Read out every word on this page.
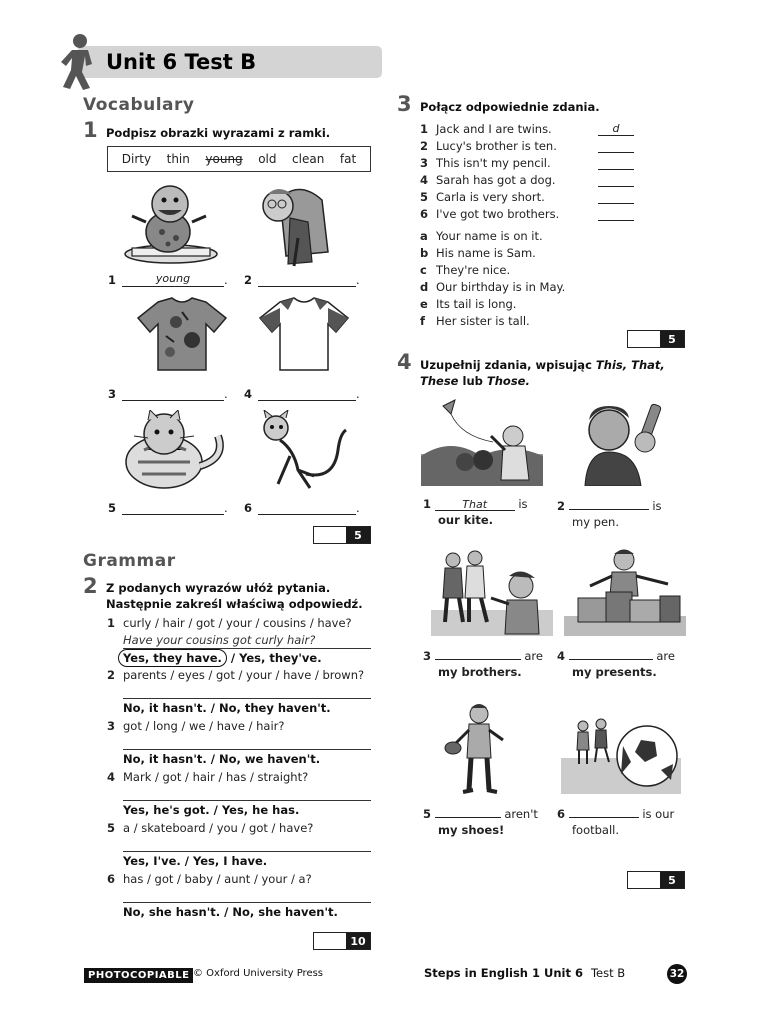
Unit 6 Test B
Vocabulary
1 Podpisz obrazki wyrazami z ramki.
Dirty thin young old clean fat
1	young	. 2	.
3	. 4	.
5	. 6	.
5
Grammar
2 Z podanych wyrazów ułóż pytania.
Następnie zakreśl właściwą odpowiedź.
1 curly / hair / got / your / cousins / have?
Have your cousins got curly hair?
Yes, they have. / Yes, they've.
2 parents / eyes / got / your / have / brown?
No, it hasn't. / No, they haven't.
3 got / long / we / have / hair?
No, it hasn't. / No, we haven't.
4 Mark / got / hair / has / straight?
Yes, he's got. / Yes, he has.
5 a / skateboard / you / got / have?
Yes, I've. / Yes, I have.
6 has / got / baby / aunt / your / a?
No, she hasn't. / No, she haven't.
10
3 Połącz odpowiednie zdania.
1 Jack and I are twins.	d
2 Lucy's brother is ten.
3 This isn't my pencil.
4 Sarah has got a dog.
5 Carla is very short.
6 I've got two brothers.
a Your name is on it.
b His name is Sam.
c They're nice.
d Our birthday is in May.
e Its tail is long.
f Her sister is tall.
5
4 Uzupełnij zdania, wpisując This, That,
These lub Those.
1	That	is
our kite.
2	is
my pen.
3	are
my brothers.
4	are
my presents.
5	aren't
my shoes!
6	is our
football.
5
PHOTOCOPIABLE © Oxford University Press	Steps in English 1 Unit 6 Test B	32
